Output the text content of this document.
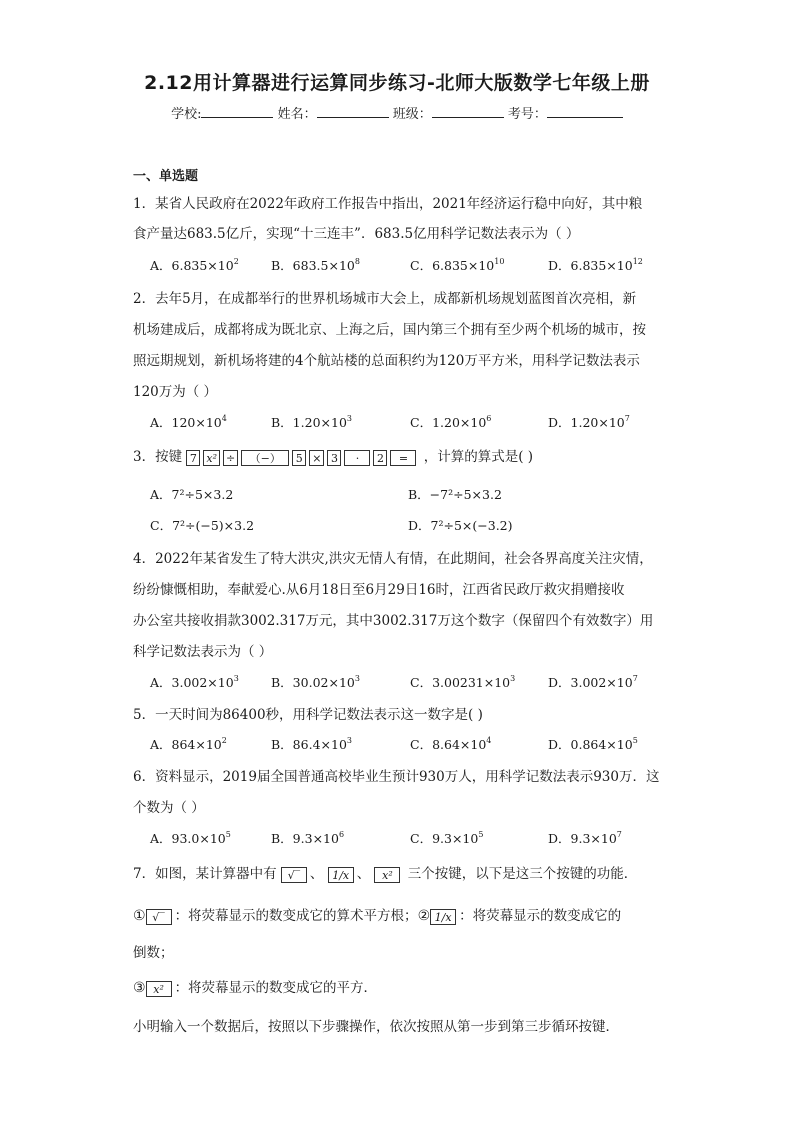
2.12用计算器进行运算同步练习-北师大版数学七年级上册
学校:	姓名：	班级：	考号：
一、单选题
1．某省人民政府在2022年政府工作报告中指出，2021年经济运行稳中向好，其中粮
食产量达683.5亿斤，实现“十三连丰”．683.5亿用科学记数法表示为（ ）
A．$6.835\times 10^2$	B．$683.5\times 10^8$	C．$6.835\times 10^{10}$	D．$6.835\times 10^{12}$
2．去年5月，在成都举行的世界机场城市大会上，成都新机场规划蓝图首次亮相，新
机场建成后，成都将成为既北京、上海之后，国内第三个拥有至少两个机场的城市，按
照远期规划，新机场将建的4个航站楼的总面积约为120万平方米，用科学记数法表示
120万为（ ）
A．$120\times 10^4$	B．$1.20\times 10^3$	C．$1.20\times 10^6$	D．$1.20\times 10^7$
3．按键 7 x² ÷ （−） 5 × 3 · 2 = ，计算的算式是( )
A．7²÷5×3.2	B．−7²÷5×3.2
C．7²÷(−5)×3.2	D．7²÷5×(−3.2)
4．2022年某省发生了特大洪灾,洪灾无情人有情，在此期间，社会各界高度关注灾情，
纷纷慷慨相助，奉献爱心.从6月18日至6月29日16时，江西省民政厅救灾捐赠接收
办公室共接收捐款3002.317万元，其中3002.317万这个数字（保留四个有效数字）用
科学记数法表示为（ ）
A．$3.002\times 10^3$	B．$30.02\times 10^3$	C．$3.00231\times 10^3$	D．$3.002\times 10^7$
5．一天时间为86400秒，用科学记数法表示这一数字是( )
A．$864\times 10^2$	B．$86.4\times 10^3$	C．$8.64\times 10^4$	D．$0.864\times 10^5$
6．资料显示，2019届全国普通高校毕业生预计930万人，用科学记数法表示930万．这
个数为（ ）
A．$93.0\times 10^5$	B．$9.3\times 10^6$	C．$9.3\times 10^5$	D．$9.3\times 10^7$
7．如图，某计算器中有 √‾ 、 1/x 、 x² 三个按键，以下是这三个按键的功能．
① √‾ ：将荧幕显示的数变成它的算术平方根；② 1/x ：将荧幕显示的数变成它的
倒数；
③ x² ：将荧幕显示的数变成它的平方．
小明输入一个数据后，按照以下步骤操作，依次按照从第一步到第三步循环按键．
